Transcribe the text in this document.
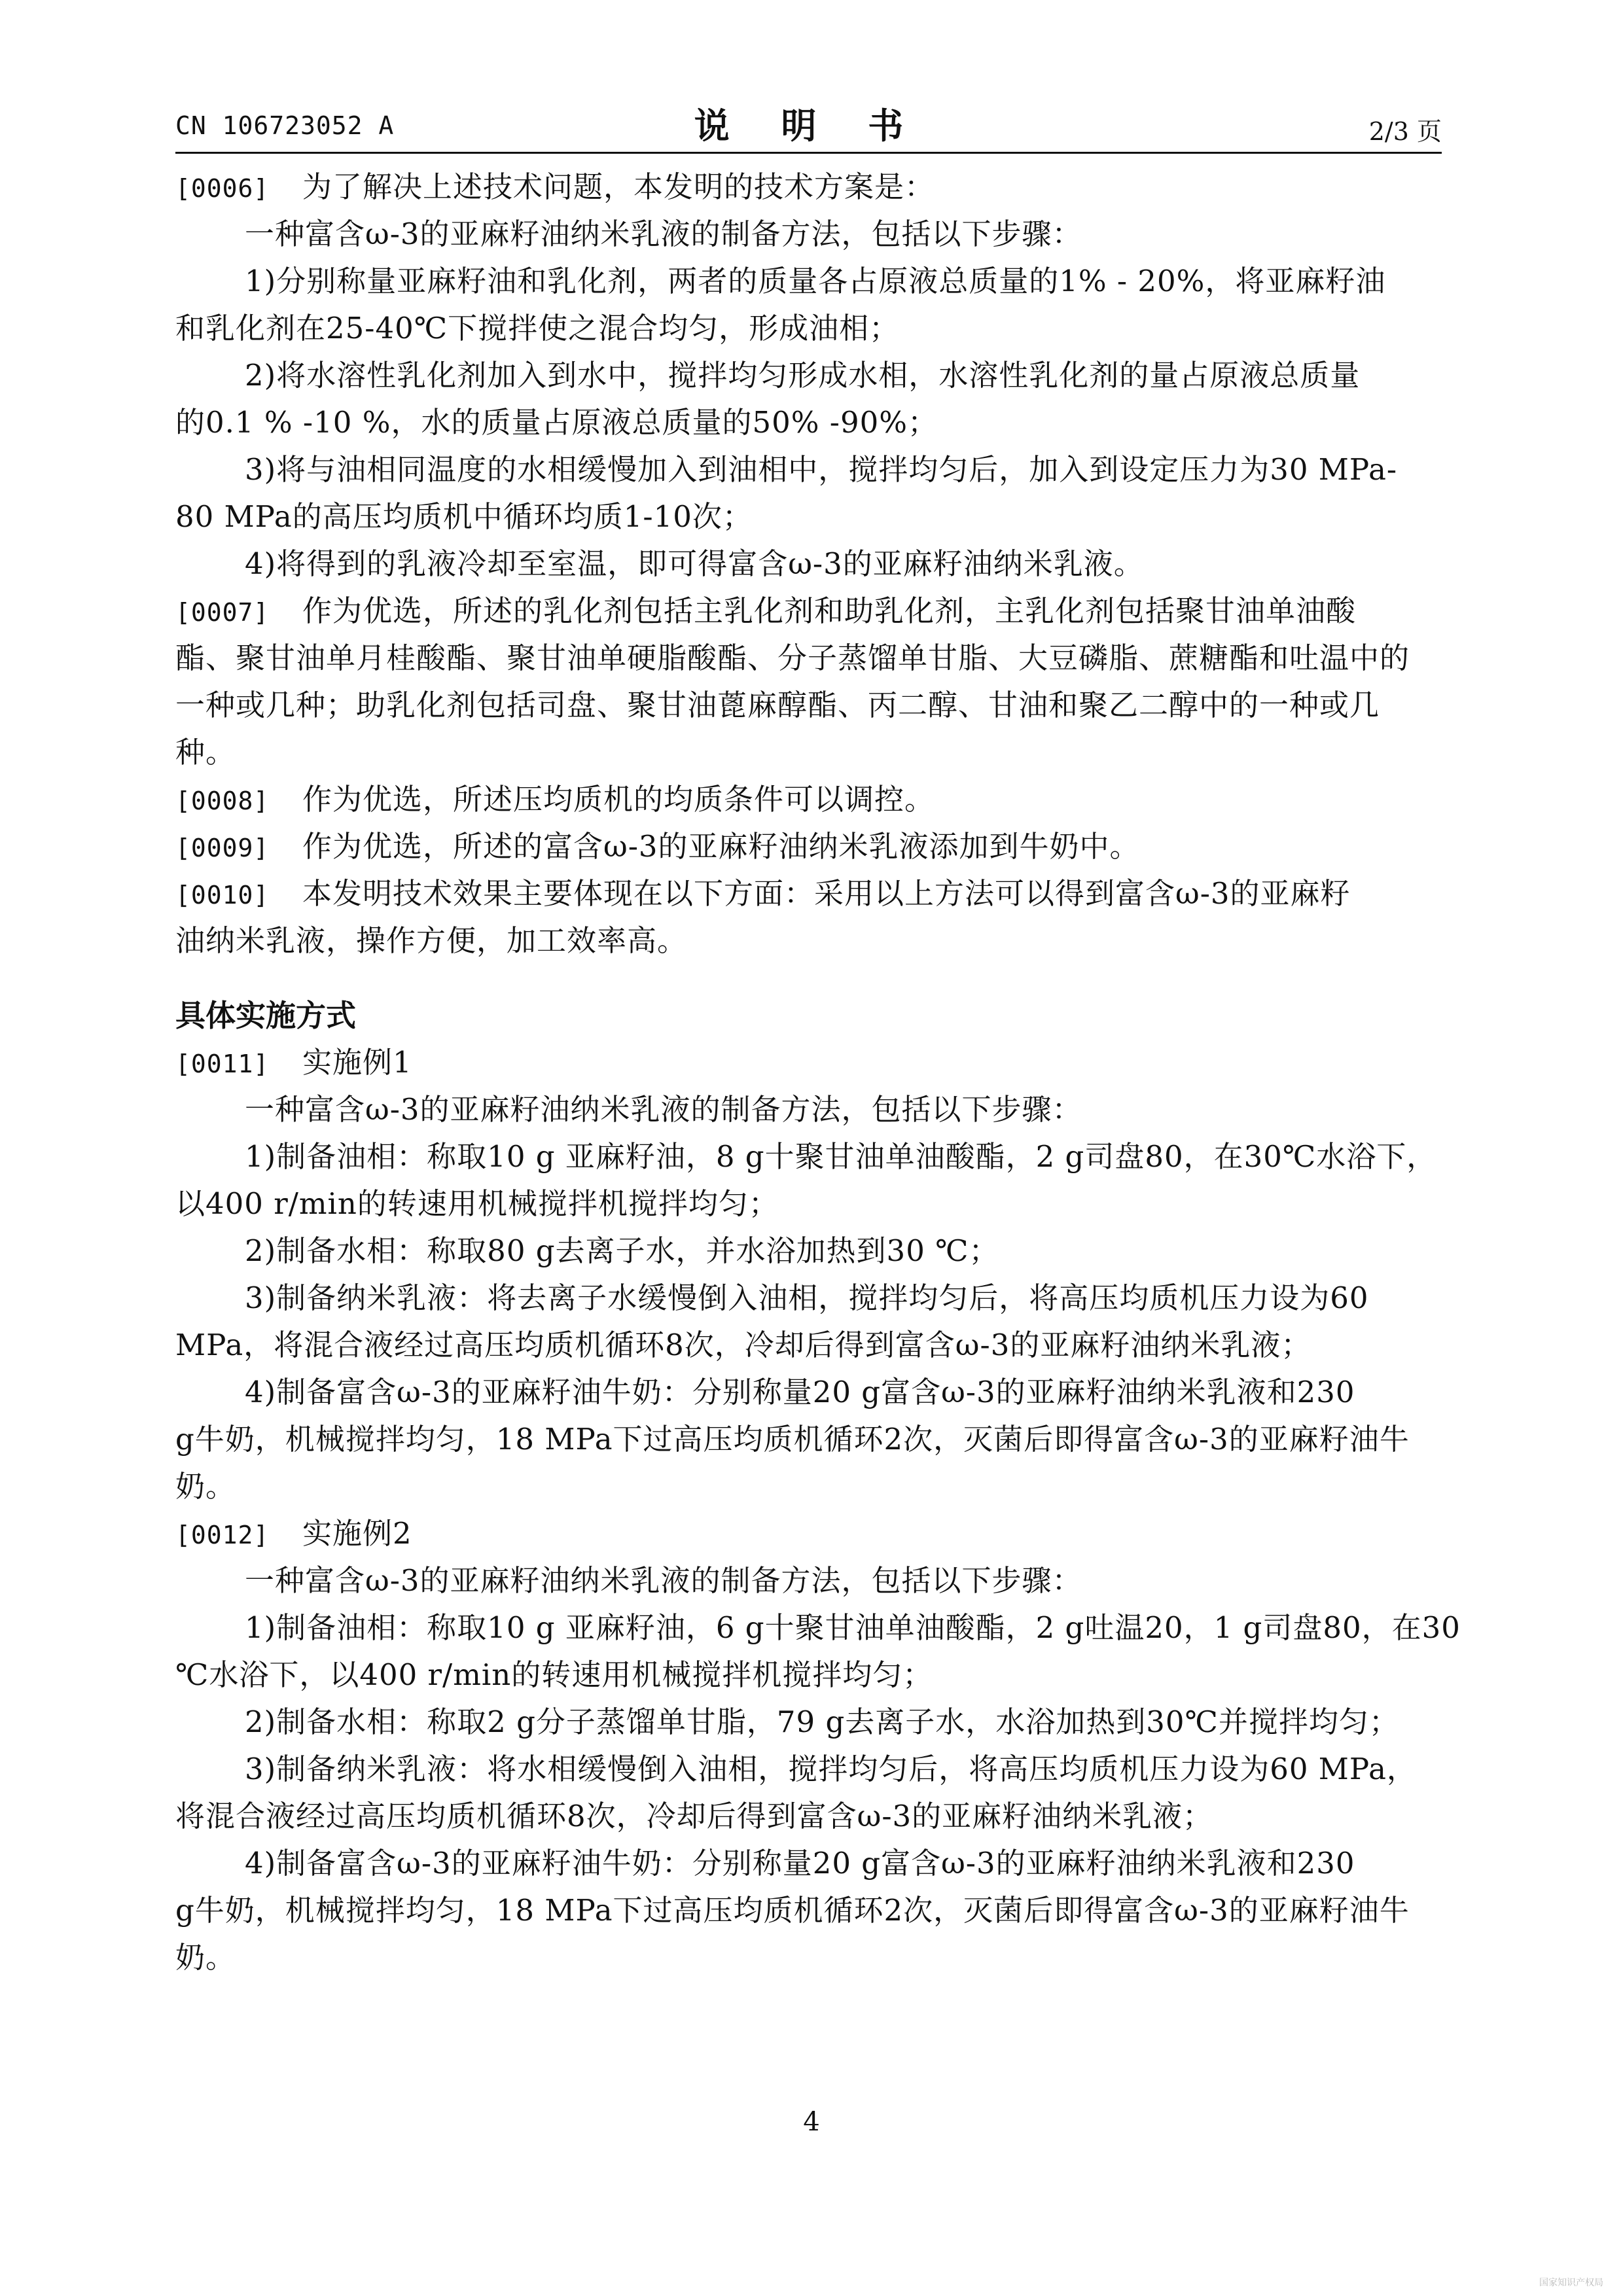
CN 106723052 A	说 明 书	2/3 页
[0006] 为了解决上述技术问题，本发明的技术方案是：
一种富含ω-3的亚麻籽油纳米乳液的制备方法，包括以下步骤：
1)分别称量亚麻籽油和乳化剂，两者的质量各占原液总质量的1% - 20%，将亚麻籽油
和乳化剂在25-40℃下搅拌使之混合均匀，形成油相；
2)将水溶性乳化剂加入到水中，搅拌均匀形成水相，水溶性乳化剂的量占原液总质量
的0.1 % -10 %，水的质量占原液总质量的50% -90%；
3)将与油相同温度的水相缓慢加入到油相中，搅拌均匀后，加入到设定压力为30 MPa-
80 MPa的高压均质机中循环均质1-10次；
4)将得到的乳液冷却至室温，即可得富含ω-3的亚麻籽油纳米乳液。
[0007] 作为优选，所述的乳化剂包括主乳化剂和助乳化剂，主乳化剂包括聚甘油单油酸
酯、聚甘油单月桂酸酯、聚甘油单硬脂酸酯、分子蒸馏单甘脂、大豆磷脂、蔗糖酯和吐温中的
一种或几种；助乳化剂包括司盘、聚甘油蓖麻醇酯、丙二醇、甘油和聚乙二醇中的一种或几
种。
[0008] 作为优选，所述压均质机的均质条件可以调控。
[0009] 作为优选，所述的富含ω-3的亚麻籽油纳米乳液添加到牛奶中。
[0010] 本发明技术效果主要体现在以下方面：采用以上方法可以得到富含ω-3的亚麻籽
油纳米乳液，操作方便，加工效率高。
具体实施方式
[0011] 实施例1
一种富含ω-3的亚麻籽油纳米乳液的制备方法，包括以下步骤：
1)制备油相：称取10 g 亚麻籽油，8 g十聚甘油单油酸酯，2 g司盘80，在30℃水浴下，
以400 r/min的转速用机械搅拌机搅拌均匀；
2)制备水相：称取80 g去离子水，并水浴加热到30 ℃；
3)制备纳米乳液：将去离子水缓慢倒入油相，搅拌均匀后，将高压均质机压力设为60
MPa，将混合液经过高压均质机循环8次，冷却后得到富含ω-3的亚麻籽油纳米乳液；
4)制备富含ω-3的亚麻籽油牛奶：分别称量20 g富含ω-3的亚麻籽油纳米乳液和230
g牛奶，机械搅拌均匀，18 MPa下过高压均质机循环2次，灭菌后即得富含ω-3的亚麻籽油牛
奶。
[0012] 实施例2
一种富含ω-3的亚麻籽油纳米乳液的制备方法，包括以下步骤：
1)制备油相：称取10 g 亚麻籽油，6 g十聚甘油单油酸酯，2 g吐温20，1 g司盘80，在30
℃水浴下，以400 r/min的转速用机械搅拌机搅拌均匀；
2)制备水相：称取2 g分子蒸馏单甘脂，79 g去离子水，水浴加热到30℃并搅拌均匀；
3)制备纳米乳液：将水相缓慢倒入油相，搅拌均匀后，将高压均质机压力设为60 MPa，
将混合液经过高压均质机循环8次，冷却后得到富含ω-3的亚麻籽油纳米乳液；
4)制备富含ω-3的亚麻籽油牛奶：分别称量20 g富含ω-3的亚麻籽油纳米乳液和230
g牛奶，机械搅拌均匀，18 MPa下过高压均质机循环2次，灭菌后即得富含ω-3的亚麻籽油牛
奶。
4
国家知识产权局
